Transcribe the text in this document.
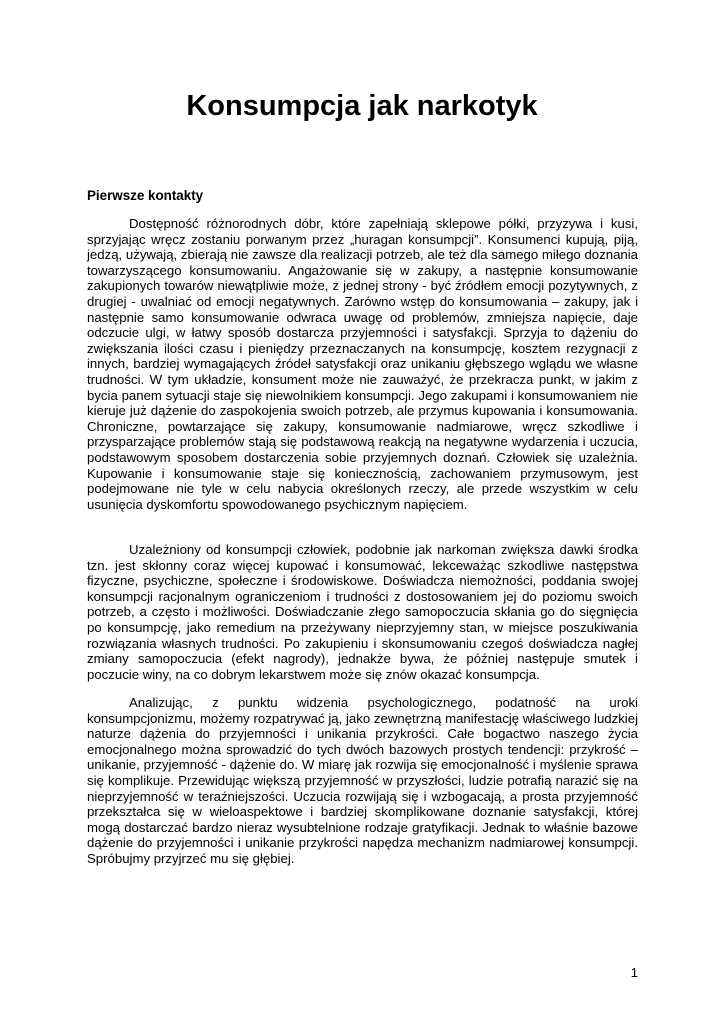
Konsumpcja jak narkotyk
Pierwsze kontakty

Dostępność różnorodnych dóbr, które zapełniają sklepowe półki, przyzywa i kusi, sprzyjając wręcz zostaniu porwanym przez „huragan konsumpcji”. Konsumenci kupują, piją, jedzą, używają, zbierają nie zawsze dla realizacji potrzeb, ale też dla samego miłego doznania towarzyszącego konsumowaniu. Angażowanie się w zakupy, a następnie konsumowanie zakupionych towarów niewątpliwie może, z jednej strony - być źródłem emocji pozytywnych, z drugiej - uwalniać od emocji negatywnych. Zarówno wstęp do konsumowania – zakupy, jak i następnie samo konsumowanie odwraca uwagę od problemów, zmniejsza napięcie, daje odczucie ulgi, w łatwy sposób dostarcza przyjemności i satysfakcji. Sprzyja to dążeniu do zwiększania ilości czasu i pieniędzy przeznaczanych na konsumpcję, kosztem rezygnacji z innych, bardziej wymagających źródeł satysfakcji oraz unikaniu głębszego wglądu we własne trudności. W tym układzie, konsument może nie zauważyć, że przekracza punkt, w jakim z bycia panem sytuacji staje się niewolnikiem konsumpcji. Jego zakupami i konsumowaniem nie kieruje już dążenie do zaspokojenia swoich potrzeb, ale przymus kupowania i konsumowania. Chroniczne, powtarzające się zakupy, konsumowanie nadmiarowe, wręcz szkodliwe i przysparzające problemów stają się podstawową reakcją na negatywne wydarzenia i uczucia, podstawowym sposobem dostarczenia sobie przyjemnych doznań. Człowiek się uzależnia. Kupowanie i konsumowanie staje się koniecznością, zachowaniem przymusowym, jest podejmowane nie tyle w celu nabycia określonych rzeczy, ale przede wszystkim w celu usunięcia dyskomfortu spowodowanego psychicznym napięciem.

Uzależniony od konsumpcji człowiek, podobnie jak narkoman zwiększa dawki środka tzn. jest skłonny coraz więcej kupować i konsumować, lekceważąc szkodliwe następstwa fizyczne, psychiczne, społeczne i środowiskowe. Doświadcza niemożności, poddania swojej konsumpcji racjonalnym ograniczeniom i trudności z dostosowaniem jej do poziomu swoich potrzeb, a często i możliwości. Doświadczanie złego samopoczucia skłania go do sięgnięcia po konsumpcję, jako remedium na przeżywany nieprzyjemny stan, w miejsce poszukiwania rozwiązania własnych trudności. Po zakupieniu i skonsumowaniu czegoś doświadcza nagłej zmiany samopoczucia (efekt nagrody), jednakże bywa, że później następuje smutek i poczucie winy, na co dobrym lekarstwem może się znów okazać konsumpcja.

Analizując, z punktu widzenia psychologicznego, podatność na uroki konsumpcjonizmu, możemy rozpatrywać ją, jako zewnętrzną manifestację właściwego ludzkiej naturze dążenia do przyjemności i unikania przykrości. Całe bogactwo naszego życia emocjonalnego można sprowadzić do tych dwóch bazowych prostych tendencji: przykrość – unikanie, przyjemność - dążenie do. W miarę jak rozwija się emocjonalność i myślenie sprawa się komplikuje. Przewidując większą przyjemność w przyszłości, ludzie potrafią narazić się na nieprzyjemność w teraźniejszości. Uczucia rozwijają się i wzbogacają, a prosta przyjemność przekształca się w wieloaspektowe i bardziej skomplikowane doznanie satysfakcji, której mogą dostarczać bardzo nieraz wysubtelnione rodzaje gratyfikacji. Jednak to właśnie bazowe dążenie do przyjemności i unikanie przykrości napędza mechanizm nadmiarowej konsumpcji. Spróbujmy przyjrzeć mu się głębiej.

1
